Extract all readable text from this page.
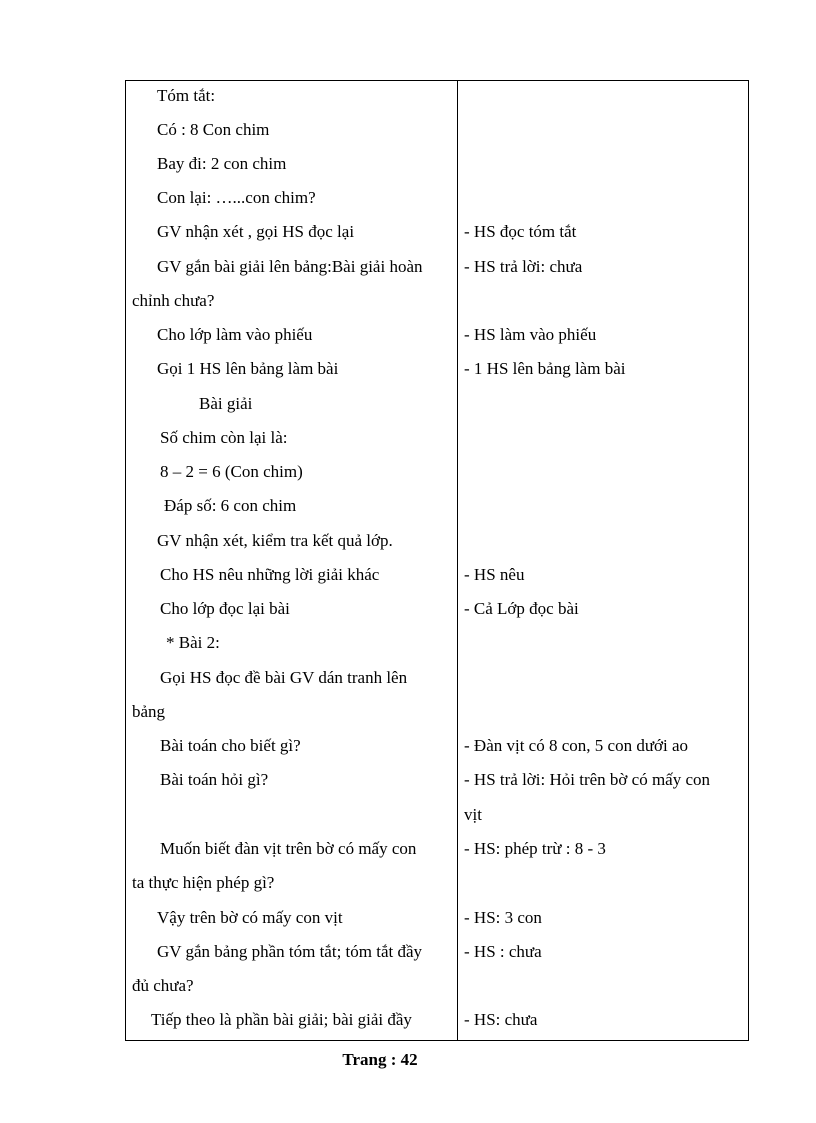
Tóm tắt:
Có : 8 Con chim
Bay đi: 2 con chim
Con lại: …...con chim?
GV nhận xét , gọi HS đọc lại
GV gắn bài giải lên bảng:Bài giải hoàn
chỉnh chưa?
Cho lớp làm vào phiếu
Gọi 1 HS lên bảng làm bài
Bài giải
Số chim còn lại là:
8 – 2 = 6 (Con chim)
Đáp số: 6 con chim
GV nhận xét, kiểm tra kết quả lớp.
Cho HS nêu những lời giải khác
Cho lớp đọc lại bài
* Bài 2:
Gọi HS đọc đề bài GV dán tranh lên
bảng
Bài toán cho biết gì?
Bài toán hỏi gì?
Muốn biết đàn vịt trên bờ có mấy con
ta thực hiện phép gì?
Vậy trên bờ có mấy con vịt
GV gắn bảng phần tóm tắt; tóm tắt đầy
đủ chưa?
Tiếp theo là phần bài giải; bài giải đầy
- HS đọc tóm tắt
- HS trả lời: chưa
- HS làm vào phiếu
- 1 HS lên bảng làm bài
- HS nêu
- Cả Lớp đọc bài
- Đàn vịt có 8 con, 5 con dưới ao
- HS trả lời: Hỏi trên bờ có mấy con
vịt
- HS: phép trừ : 8 - 3
- HS: 3 con
- HS : chưa
- HS: chưa
Trang : 42
